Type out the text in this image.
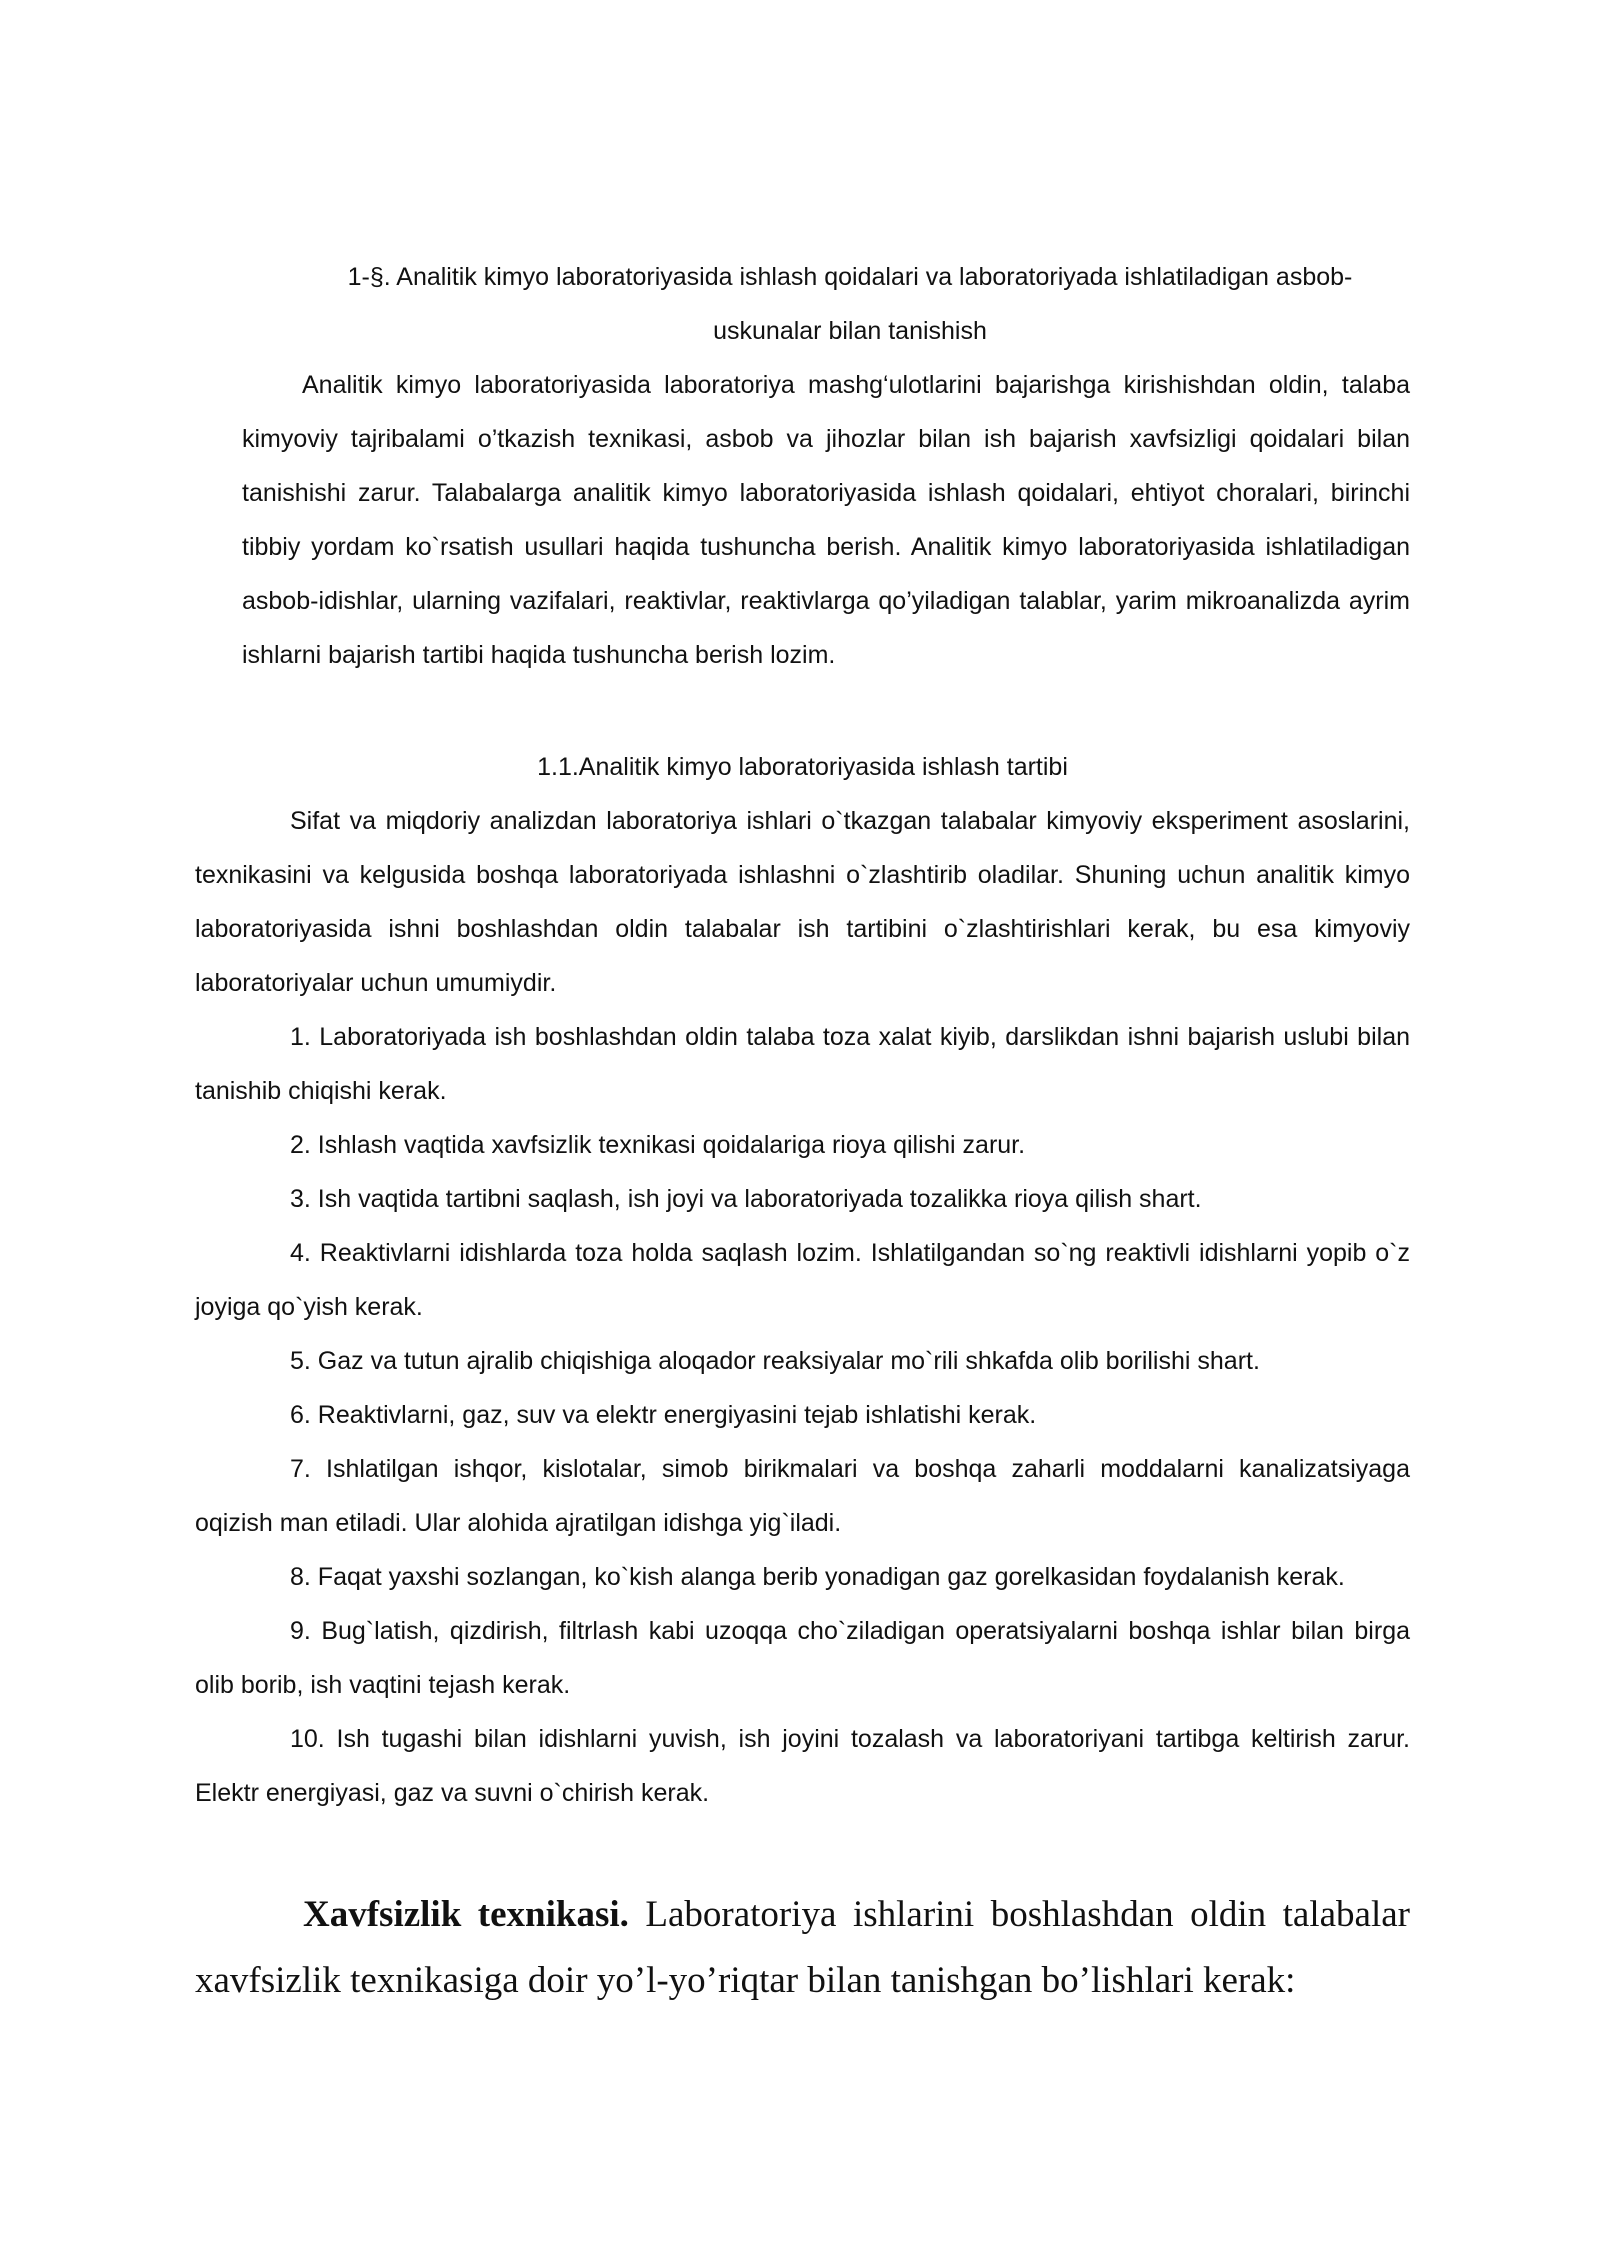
1-§. Analitik kimyo laboratoriyasida ishlash qoidalari va laboratoriyada ishlatiladigan asbob-
uskunalar bilan tanishish

Analitik kimyo laboratoriyasida laboratoriya mashg‘ulotlarini bajarishga kirishishdan oldin, talaba kimyoviy tajribalami o’tkazish texnikasi, asbob va jihozlar bilan ish bajarish xavfsizligi qoidalari bilan tanishishi zarur. Talabalarga analitik kimyo laboratoriyasida ishlash qoidalari, ehtiyot choralari, birinchi tibbiy yordam ko`rsatish usullari haqida tushuncha berish. Analitik kimyo laboratoriyasida ishlatiladigan asbob-idishlar, ularning vazifalari, reaktivlar, reaktivlarga qo’yiladigan talablar, yarim mikroanalizda ayrim ishlarni bajarish tartibi haqida tushuncha berish lozim.

1.1.Analitik kimyo laboratoriyasida ishlash tartibi

Sifat va miqdoriy analizdan laboratoriya ishlari o`tkazgan talabalar kimyoviy eksperiment asoslarini, texnikasini va kelgusida boshqa laboratoriyada ishlashni o`zlashtirib oladilar. Shuning uchun analitik kimyo laboratoriyasida ishni boshlashdan oldin talabalar ish tartibini o`zlashtirishlari kerak, bu esa kimyoviy laboratoriyalar uchun umumiydir.

1. Laboratoriyada ish boshlashdan oldin talaba toza xalat kiyib, darslikdan ishni bajarish uslubi bilan tanishib chiqishi kerak.

2. Ishlash vaqtida xavfsizlik texnikasi qoidalariga rioya qilishi zarur.

3. Ish vaqtida tartibni saqlash, ish joyi va laboratoriyada tozalikka rioya qilish shart.

4. Reaktivlarni idishlarda toza holda saqlash lozim. Ishlatilgandan so`ng reaktivli idishlarni yopib o`z joyiga qo`yish kerak.

5. Gaz va tutun ajralib chiqishiga aloqador reaksiyalar mo`rili shkafda olib borilishi shart.

6. Reaktivlarni, gaz, suv va elektr energiyasini tejab ishlatishi kerak.

7. Ishlatilgan ishqor, kislotalar, simob birikmalari va boshqa zaharli moddalarni kanalizatsiyaga oqizish man etiladi. Ular alohida ajratilgan idishga yig`iladi.

8. Faqat yaxshi sozlangan, ko`kish alanga berib yonadigan gaz gorelkasidan foydalanish kerak.

9. Bug`latish, qizdirish, filtrlash kabi uzoqqa cho`ziladigan operatsiyalarni boshqa ishlar bilan birga olib borib, ish vaqtini tejash kerak.

10. Ish tugashi bilan idishlarni yuvish, ish joyini tozalash va laboratoriyani tartibga keltirish zarur. Elektr energiyasi, gaz va suvni o`chirish kerak.

Xavfsizlik texnikasi. Laboratoriya ishlarini boshlashdan oldin talabalar xavfsizlik texnikasiga doir yo’l-yo’riqtar bilan tanishgan bo’lishlari kerak:
